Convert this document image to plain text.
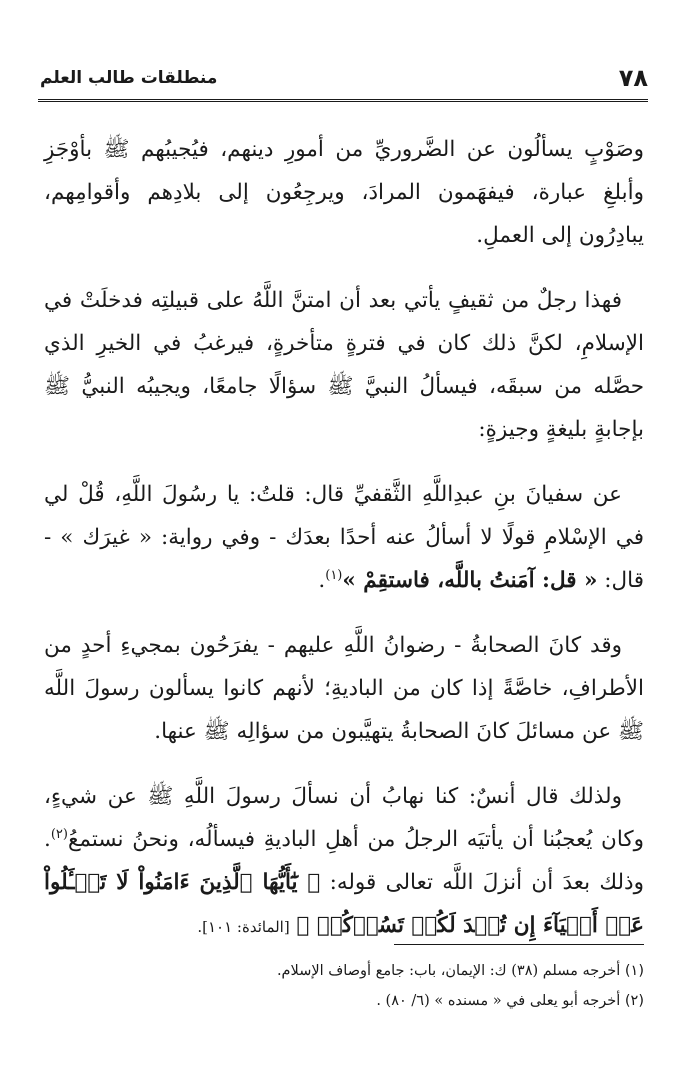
٧٨
منطلقات طالب العلم

وصَوْبٍ يسألُون عن الضَّروريِّ من أمورِ دينهم، فيُجيبُهم ﷺ بأوْجَزِ وأبلغِ عبارة، فيفهَمون المرادَ، ويرجِعُون إلى بلادِهم وأقوامِهم، يبادِرُون إلى العملِ.

فهذا رجلٌ من ثقيفٍ يأتي بعد أن امتنَّ اللَّهُ على قبيلتِه فدخلَتْ في الإسلامِ، لكنَّ ذلك كان في فترةٍ متأخرةٍ، فيرغبُ في الخيرِ الذي حصَّله من سبقَه، فيسألُ النبيَّ ﷺ سؤالًا جامعًا، ويجيبُه النبيُّ ﷺ بإجابةٍ بليغةٍ وجيزةٍ:

عن سفيانَ بنِ عبدِاللَّهِ الثَّقفيِّ قال: قلتُ: يا رسُولَ اللَّهِ، قُلْ لي في الإسْلامِ قولًا لا أسألُ عنه أحدًا بعدَك - وفي رواية: « غيرَك » - قال: « قل: آمَنتُ باللَّه، فاستقِمْ »$^{(١)}$.

وقد كانَ الصحابةُ - رضوانُ اللَّهِ عليهم - يفرَحُون بمجيءِ أحدٍ من الأطرافِ، خاصَّةً إذا كان من الباديةِ؛ لأنهم كانوا يسألون رسولَ اللَّه ﷺ عن مسائلَ كانَ الصحابةُ يتهيَّبون من سؤالِه ﷺ عنها.

ولذلك قال أنسٌ: كنا نهابُ أن نسألَ رسولَ اللَّهِ ﷺ عن شيءٍ، وكان يُعجبُنا أن يأتيَه الرجلُ من أهلِ الباديةِ فيسألُه، ونحنُ نستمعُ$^{(٢)}$. وذلك بعدَ أن أنزلَ اللَّه تعالى قوله: ﴿ يَٰٓأَيُّهَا ٱلَّذِينَ ءَامَنُواْ لَا تَسۡـَٔلُواْ عَنۡ أَشۡيَآءَ إِن تُبۡدَ لَكُمۡ تَسُؤۡكُمۡ ﴾ [المائدة: ١٠١].

(١) أخرجه مسلم (٣٨) ك: الإيمان، باب: جامع أوصاف الإسلام.

(٢) أخرجه أبو يعلى في « مسنده » (٦/ ٨٠) .
